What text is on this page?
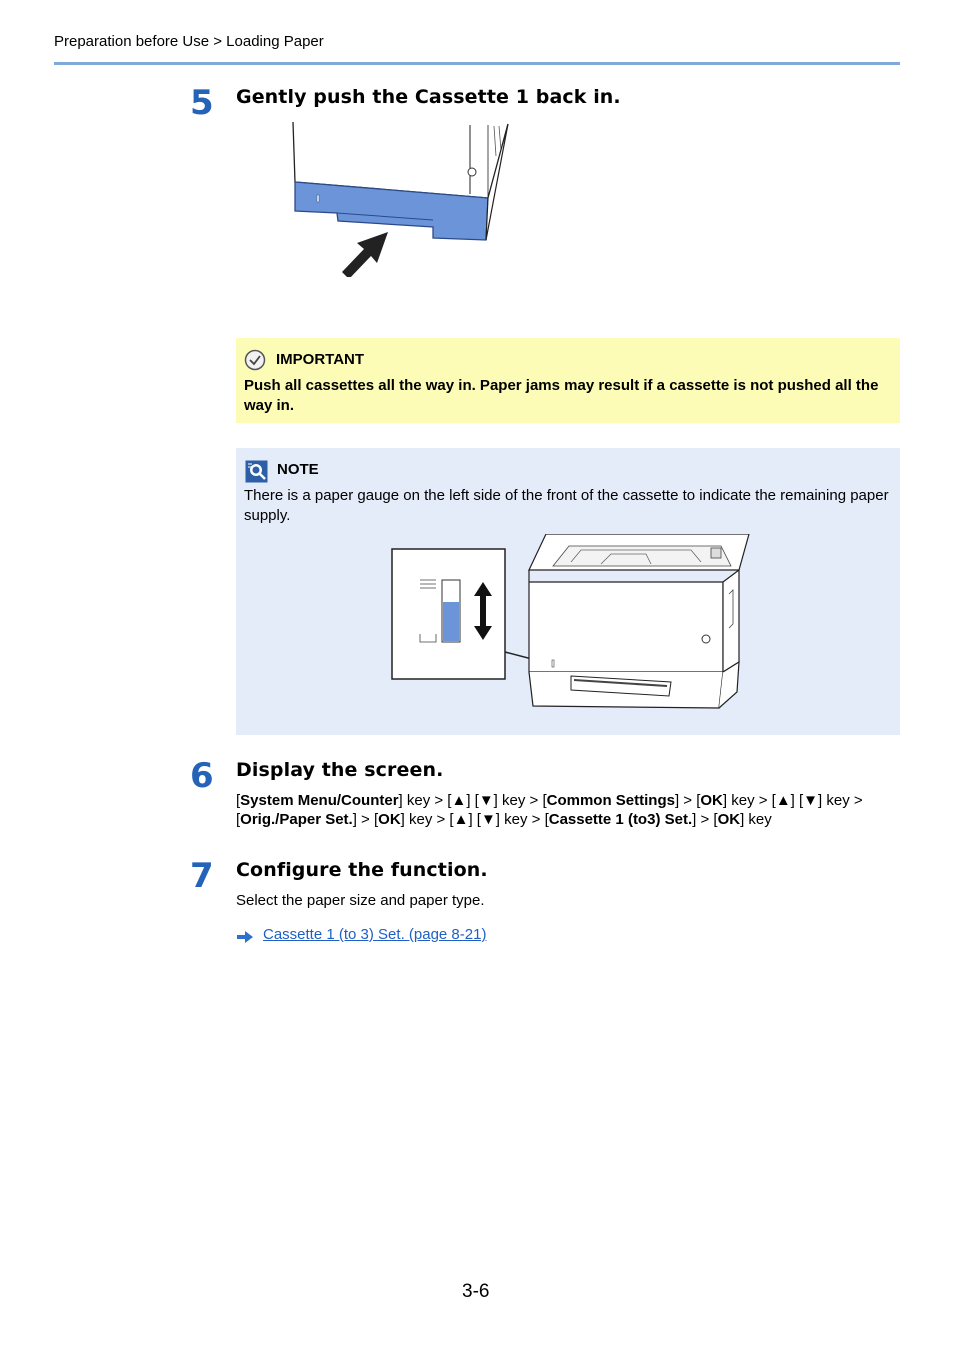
Preparation before Use > Loading Paper
5 Gently push the Cassette 1 back in.
IMPORTANT
Push all cassettes all the way in. Paper jams may result if a cassette is not pushed all the way in.
NOTE
There is a paper gauge on the left side of the front of the cassette to indicate the remaining paper supply.
6 Display the screen.
[System Menu/Counter] key > [▲] [▼] key > [Common Settings] > [OK] key > [▲] [▼] key >
[Orig./Paper Set.] > [OK] key > [▲] [▼] key > [Cassette 1 (to3) Set.] > [OK] key
7 Configure the function.
Select the paper size and paper type.
Cassette 1 (to 3) Set. (page 8-21)
3-6
